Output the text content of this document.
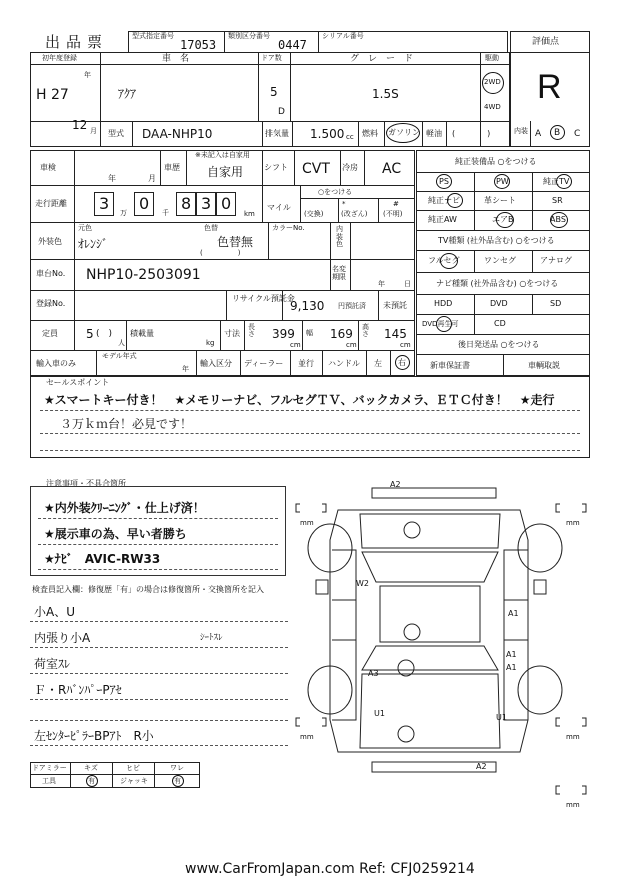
出品票	型式指定番号
17053
類別区分番号
0447
シリアル番号
評価点
R
初年度登録
年
H 27
12 月
車　名
ｱｸｱ
ドア数
5
D
グ　レ　ー　ド
1.5S
駆動
2WD
4WD
型式 DAA-NHP10	排気量 1.500 cc 燃料 ガソリン 軽油 (　　　　)	内装 A B C
車検
年	月
車歴
※未記入は自家用
自家用	シフト CVT 冷房 AC
走行距離 3 万 0 千 8 3 0
km
○をつける
マイル	*	#
(交換)	(改ざん) (不明)
外装色
元色
ｵﾚﾝｼﾞ
色替
色替無
(　　　　　)
カラーNo.	内装色
車台No. NHP10-2503091	名変期限
年	日
登録No.
リサイクル預託金
9,130 円預託済 未預託
定員 5 (　)
人
積載量
kg
寸法
長さ 399
cm
幅 169
cm
高さ 145
cm
輸入車のみ
モデル年式
年
輸入区分 ディーラー 並行 ハンドル 左 右
純正装備品 ○をつける
PS	PW	純正TV
純正ナビ	革シート	SR
純正AW	エアB	ABS
TV種類 (社外品含む) ○をつける
フルセグ	ワンセグ	アナログ
ナビ種類 (社外品含む) ○をつける
HDD	DVD	SD
DVD再生可	CD
後日発送品 ○をつける
新車保証書	車輌取説
セールスポイント
★スマートキー付き！　★メモリーナビ、フルセグＴＶ、バックカメラ、ＥＴＣ付き！　★走行
３万ｋｍ台！必見です！
注意事項・不具合箇所
★内外装ｸﾘｰﾆﾝｸﾞ・仕上げ済！
★展示車の為、早い者勝ち
★ﾅﾋﾞ　AVIC-RW33
検査員記入欄：修復歴「有」の場合は修復箇所・交換箇所を記入
小A、U
内張り小A	ｼｰﾄｽﾚ
荷室ｽﾚ
Ｆ・RﾊﾞﾝﾊﾟｰPｱｾ
左ｾﾝﾀｰﾋﾟﾗｰBPｱﾄ　R小
ドアミラー キズ	ヒビ	ワレ
工具	有	ジャッキ	有
A2
A2
W2
A1
A1
A1
A3
U1	U1
mm	mm
mm	mm
mm
www.CarFromJapan.com Ref: CFJ0259214
